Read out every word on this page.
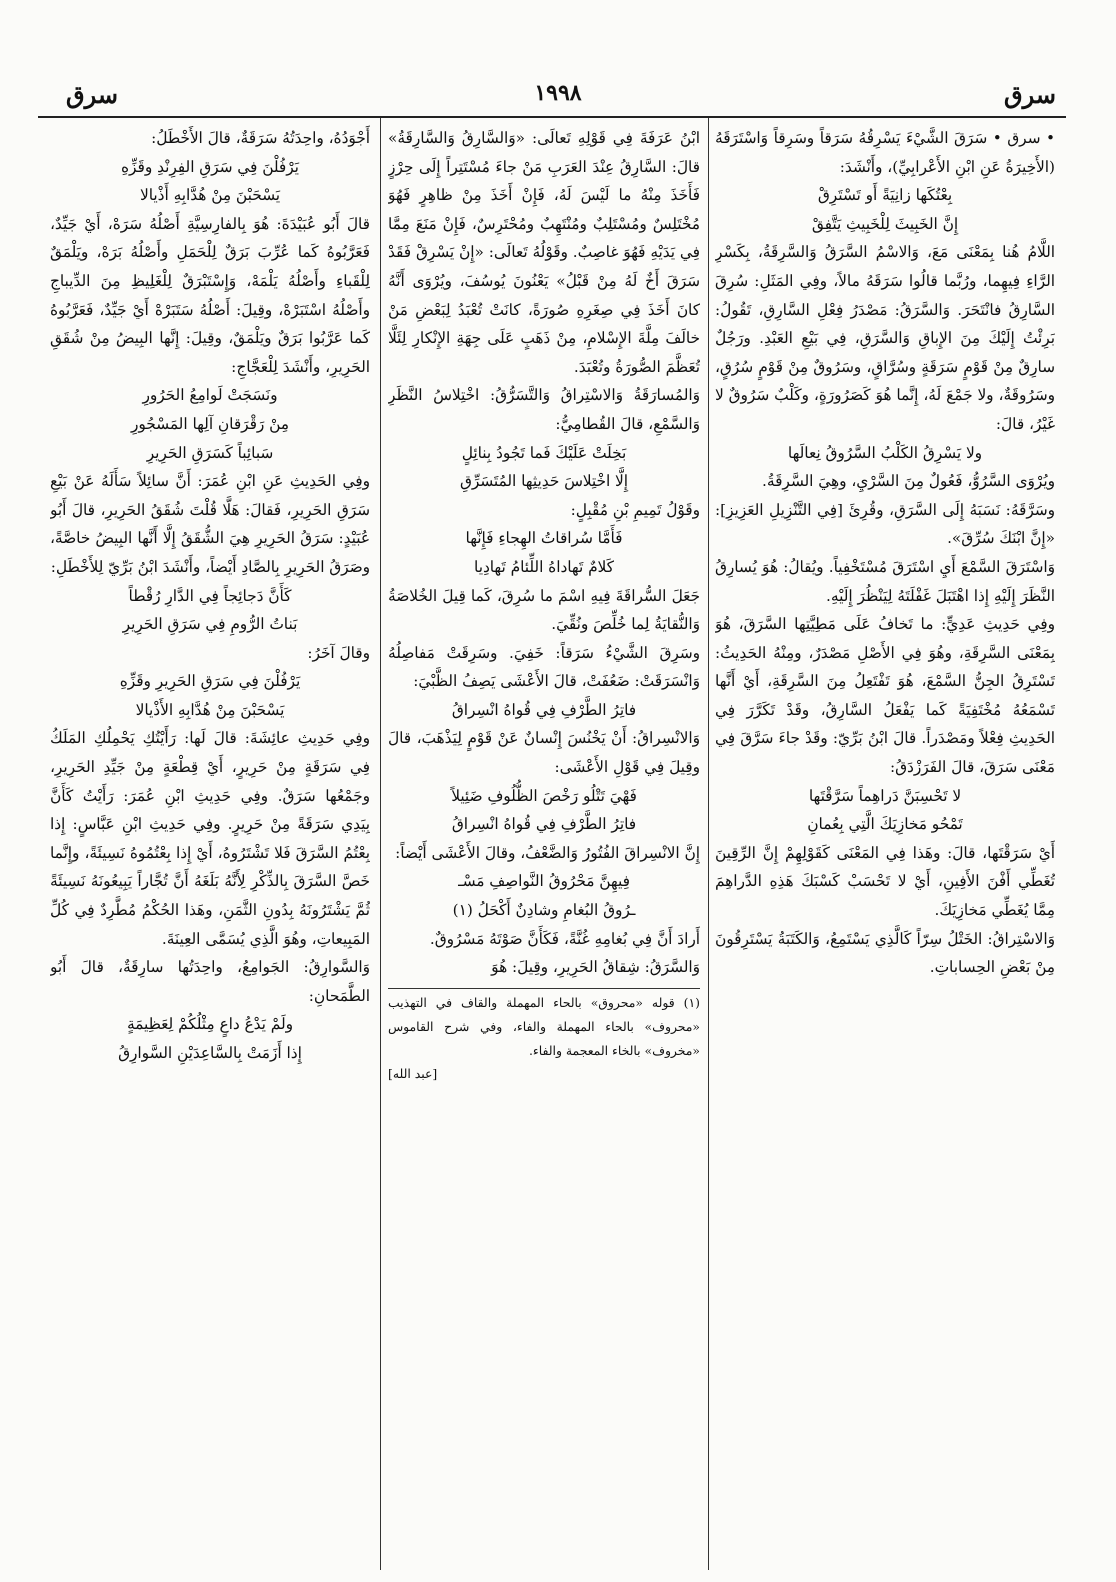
سرق
١٩٩٨
سرق

• سرق • سَرَقَ الشَّيْءَ يَسْرِقُهُ سَرَقاً وسَرِقاً وَاسْتَرَقَهُ (الأَخِيرَةُ عَنِ ابْنِ الأَعْرابِيِّ)، وأَنْشَدَ:

بِعْتُكَها زانِيَةً أَو تَسْتَرِقْ
إِنَّ الخَبِيثَ لِلْخَبِيثِ يَتَّفِقْ

اللَّامُ هُنا بِمَعْنَى مَعَ، وَالاسْمُ السَّرَقُ وَالسَّرِقَةُ، بِكَسْرِ الرَّاءِ فِيهِما، ورُبَّما قالُوا سَرَقَهُ مالاً، وفِي المَثَلِ: سُرِقَ السَّارِقُ فانْتَحَرَ. وَالسَّرَقُ: مَصْدَرُ فِعْلِ السَّارِقِ، تَقُولُ: بَرِئْتُ إِلَيْكَ مِنَ الإِباقِ وَالسَّرَقِ، فِي بَيْعِ العَبْدِ. ورَجُلٌ سارِقٌ مِنْ قَوْمٍ سَرَقَةٍ وسُرَّاقٍ، وسَرُوقٌ مِنْ قَوْمٍ سُرُقٍ، وسَرُوقَةٌ، ولا جَمْعَ لَهُ، إِنَّما هُوَ كَصَرُورَةٍ، وكَلْبٌ سَرُوقٌ لا غَيْرُ، قالَ:

ولا يَسْرِقُ الكَلْبُ السَّرُوقُ نِعالَها

ويُرْوَى السَّرُوُّ، فَعُولٌ مِنَ السَّرْيِ، وهِيَ السَّرِقَةُ.

وسَرَّقَهُ: نَسَبَهُ إِلَى السَّرَقِ، وقُرِئَ [فِي التَّنْزِيلِ العَزِيزِ]: «إِنَّ ابْنَكَ سُرِّقَ».

وَاسْتَرَقَ السَّمْعَ أَيِ اسْتَرَقَ مُسْتَخْفِياً. ويُقالُ: هُوَ يُسارِقُ النَّظَرَ إِلَيْهِ إِذا اهْتَبَلَ غَفْلَتَهُ لِيَنْظُرَ إِلَيْهِ.

وفِي حَدِيثِ عَدِيٍّ: ما تَخافُ عَلَى مَطِيَّتِها السَّرَقَ، هُوَ بِمَعْنَى السَّرِقَةِ، وهُوَ فِي الأَصْلِ مَصْدَرٌ، ومِنْهُ الحَدِيثُ: تَسْتَرِقُ الجِنُّ السَّمْعَ، هُوَ تَفْتَعِلُ مِنَ السَّرِقَةِ، أَيْ أَنَّها تَسْمَعُهُ مُخْتَفِيَةً كَما يَفْعَلُ السَّارِقُ، وقَدْ تَكَرَّرَ فِي الحَدِيثِ فِعْلاً ومَصْدَراً. قالَ ابْنُ بَرِّيّ: وقَدْ جاءَ سَرَّقَ فِي مَعْنَى سَرَقَ، قالَ الفَرَزْدَقُ:

لا تَحْسِبَنَّ دَراهِماً سَرَّقْتَها
تَمْحُو مَخازِيَكَ الَّتِي بِعُمانِ

أَيْ سَرَقْتَها، قالَ: وهَذا فِي المَعْنَى كَقَوْلِهِمْ إِنَّ الرِّقِينَ تُغَطِّي أَفْنَ الأَفِينِ، أَيْ لا تَحْسَبْ كَسْبَكَ هَذِهِ الدَّراهِمَ مِمَّا يُغَطِّي مَخازِيَكَ.

وَالاسْتِراقُ: الخَتْلُ سِرّاً كَالَّذِي يَسْتَمِعُ، وَالكَتَبَةُ يَسْتَرِقُونَ مِنْ بَعْضِ الحِساباتِ.

ابْنُ عَرَفَةَ فِي قَوْلِهِ تَعالَى: «وَالسَّارِقُ وَالسَّارِقَةُ» قالَ: السَّارِقُ عِنْدَ العَرَبِ مَنْ جاءَ مُسْتَتِراً إِلَى حِرْزٍ فَأَخَذَ مِنْهُ ما لَيْسَ لَهُ، فَإِنْ أَخَذَ مِنْ ظاهِرٍ فَهُوَ مُخْتَلِسٌ ومُسْتَلِبٌ ومُنْتَهِبٌ ومُحْتَرِسٌ، فَإِنْ مَنَعَ مِمَّا فِي يَدَيْهِ فَهُوَ غاصِبٌ. وقَوْلُهُ تَعالَى: «إِنْ يَسْرِقْ فَقَدْ سَرَقَ أَخٌ لَهُ مِنْ قَبْلُ» يَعْنُونَ يُوسُفَ، ويُرْوَى أَنَّهُ كانَ أَخَذَ فِي صِغَرِهِ صُورَةً، كانَتْ تُعْبَدُ لِبَعْضِ مَنْ خالَفَ مِلَّةَ الإِسْلامِ، مِنْ ذَهَبٍ عَلَى جِهَةِ الإِنْكارِ لِئَلَّا تُعَظَّمَ الصُّورَةُ وتُعْبَدَ.

وَالمُسارَقَةُ وَالاسْتِراقُ وَالتَّسَرُّقُ: اخْتِلاسُ النَّظَرِ وَالسَّمْعِ، قالَ القُطامِيُّ:

بَخِلَتْ عَلَيْكَ فَما تَجُودُ بِنائِلٍ
إِلَّا اخْتِلاسَ حَدِيثِها المُتَسَرِّقِ

وقَوْلُ تَمِيمِ بْنِ مُقْبِلٍ:

فَأَمَّا سُراقاتُ الهِجاءِ فَإِنَّها
كَلامٌ تَهاداهُ اللِّئامُ تَهادِيا

جَعَلَ السُّراقَةَ فِيهِ اسْمَ ما سُرِقَ، كَما قِيلَ الخُلاصَةُ وَالنُّقايَةُ لِما خُلِّصَ ونُقِّيَ.

وسَرِقَ الشَّيْءُ سَرَقاً: خَفِيَ. وسَرِقَتْ مَفاصِلُهُ وَانْسَرَقَتْ: ضَعُفَتْ، قالَ الأَعْشَى يَصِفُ الظَّبْيَ:

فاتِرُ الطَّرْفِ فِي قُواهُ انْسِراقُ

وَالانْسِراقُ: أَنْ يَخْنُسَ إِنْسانٌ عَنْ قَوْمٍ لِيَذْهَبَ، قالَ وقِيلَ فِي قَوْلِ الأَعْشَى:

فَهْيَ تَتْلُو رَخْصَ الظُّلُوفِ ضَئِيلاً
فاتِرُ الطَّرْفِ فِي قُواهُ انْسِراقُ

إِنَّ الانْسِراقَ الفُتُورُ وَالضَّعْفُ، وقالَ الأَعْشَى أَيْضاً:

فِيهِنَّ مَحْرُوقُ النَّواصِفِ مَسْـ
ـرُوقُ البُغامِ وشادِنٌ أَكْحَلُ (١)

أَرادَ أَنَّ فِي بُغامِهِ غُنَّةً، فَكَأَنَّ صَوْتَهُ مَسْرُوقٌ.

وَالسَّرَقُ: شِقاقُ الحَرِيرِ، وقِيلَ: هُوَ

(١) قوله «محروق» بالحاء المهملة والقاف في التهذيب «محروف» بالحاء المهملة والفاء، وفي شرح القاموس «مخروف» بالخاء المعجمة والفاء.
[عبد الله]

أَجْوَدُهُ، واحِدَتُهُ سَرَقَةٌ، قالَ الأَخْطَلُ:

يَرْفُلْنَ فِي سَرَقِ الفِرِنْدِ وقَزِّهِ
يَسْحَبْنَ مِنْ هُدَّابِهِ أَذْيالا

قالَ أَبُو عُبَيْدَةَ: هُوَ بِالفارِسِيَّةِ أَصْلُهُ سَرَهْ، أَيْ جَيِّدٌ، فَعَرَّبُوهُ كَما عُرِّبَ بَرَقٌ لِلْحَمَلِ وأَصْلُهُ بَرَهْ، ويَلْمَقٌ لِلْقَباءِ وأَصْلُهُ يَلْمَهْ، وَإِسْتَبْرَقٌ لِلْغَلِيظِ مِنَ الدِّيباجِ وأَصْلُهُ اسْتَبَرْهْ، وقِيلَ: أَصْلُهُ سَتَبَرْهْ أَيْ جَيِّدٌ، فَعَرَّبُوهُ كَما عَرَّبُوا بَرَقٌ ويَلْمَقٌ، وقِيلَ: إِنَّها البِيضُ مِنْ شُقَقِ الحَرِيرِ، وأَنْشَدَ لِلْعَجَّاجِ:

ونَسَجَتْ لَوامِعُ الحَرُورِ
مِنْ رَقْرَقانِ آلِها المَسْجُورِ
سَبائِباً كَسَرَقِ الحَرِيرِ

وفِي الحَدِيثِ عَنِ ابْنِ عُمَرَ: أَنَّ سائِلاً سَأَلَهُ عَنْ بَيْعِ سَرَقِ الحَرِيرِ، فَقالَ: هَلَّا قُلْتَ شُقَقُ الحَرِيرِ، قالَ أَبُو عُبَيْدٍ: سَرَقُ الحَرِيرِ هِيَ الشُّقَقُ إِلَّا أَنَّها البِيضُ خاصَّةً، وصَرَقُ الحَرِيرِ بِالصَّادِ أَيْضاً، وأَنْشَدَ ابْنُ بَرِّيّ لِلأَخْطَلِ:

كَأَنَّ دَجائِجاً فِي الدَّارِ رُقْطاً
بَناتُ الرُّومِ فِي سَرَقِ الحَرِيرِ

وقالَ آخَرُ:

يَرْفُلْنَ فِي سَرَقِ الحَرِيرِ وقَزِّهِ
يَسْحَبْنَ مِنْ هُدَّابِهِ الأَذْيالا

وفِي حَدِيثِ عائِشَةَ: قالَ لَها: رَأَيْتُكِ يَحْمِلُكِ المَلَكُ فِي سَرَقَةٍ مِنْ حَرِيرٍ، أَيْ قِطْعَةٍ مِنْ جَيِّدِ الحَرِيرِ، وجَمْعُها سَرَقٌ. وفِي حَدِيثِ ابْنِ عُمَرَ: رَأَيْتُ كَأَنَّ بِيَدِي سَرَقَةً مِنْ حَرِيرٍ. وفِي حَدِيثِ ابْنِ عَبَّاسٍ: إِذا بِعْتُمُ السَّرَقَ فَلا تَشْتَرُوهُ، أَيْ إِذا بِعْتُمُوهُ نَسِيئَةً، وإِنَّما خَصَّ السَّرَقَ بِالذِّكْرِ لِأَنَّهُ بَلَغَهُ أَنَّ تُجَّاراً يَبِيعُونَهُ نَسِيئَةً ثُمَّ يَشْتَرُونَهُ بِدُونِ الثَّمَنِ، وهَذا الحُكْمُ مُطَّرِدٌ فِي كُلِّ المَبِيعاتِ، وهُوَ الَّذِي يُسَمَّى العِينَةَ.

وَالسَّوارِقُ: الجَوامِعُ، واحِدَتُها سارِقَةٌ، قالَ أَبُو الطَّمَحانِ:

ولَمْ يَدْعُ داعٍ مِثْلُكُمْ لِعَظِيمَةٍ
إِذا أَزَمَتْ بِالسَّاعِدَيْنِ السَّوارِقُ
